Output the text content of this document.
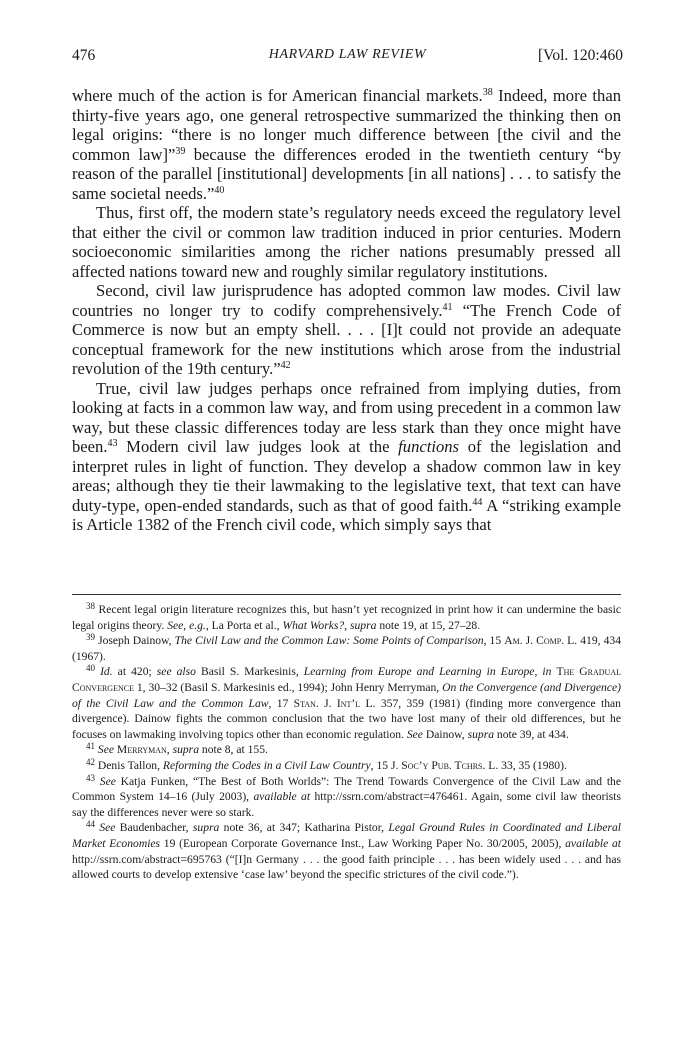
476	HARVARD LAW REVIEW	[Vol. 120:460

where much of the action is for American financial markets.$^{38}$ Indeed, more than thirty-five years ago, one general retrospective summarized the thinking then on legal origins: “there is no longer much difference between [the civil and the common law]”$^{39}$ because the differences eroded in the twentieth century “by reason of the parallel [institutional] developments [in all nations] . . . to satisfy the same societal needs.”$^{40}$

Thus, first off, the modern state’s regulatory needs exceed the regulatory level that either the civil or common law tradition induced in prior centuries. Modern socioeconomic similarities among the richer nations presumably pressed all affected nations toward new and roughly similar regulatory institutions.

Second, civil law jurisprudence has adopted common law modes. Civil law countries no longer try to codify comprehensively.$^{41}$ “The French Code of Commerce is now but an empty shell. . . . [I]t could not provide an adequate conceptual framework for the new institutions which arose from the industrial revolution of the 19th century.”$^{42}$

True, civil law judges perhaps once refrained from implying duties, from looking at facts in a common law way, and from using precedent in a common law way, but these classic differences today are less stark than they once might have been.$^{43}$ Modern civil law judges look at the functions of the legislation and interpret rules in light of function. They develop a shadow common law in key areas; although they tie their lawmaking to the legislative text, that text can have duty-type, open-ended standards, such as that of good faith.$^{44}$ A “striking example is Article 1382 of the French civil code, which simply says that

$^{38}$ Recent legal origin literature recognizes this, but hasn’t yet recognized in print how it can undermine the basic legal origins theory. See, e.g., La Porta et al., What Works?, supra note 19, at 15, 27–28.

$^{39}$ Joseph Dainow, The Civil Law and the Common Law: Some Points of Comparison, 15 Am. J. Comp. L. 419, 434 (1967).

$^{40}$ Id. at 420; see also Basil S. Markesinis, Learning from Europe and Learning in Europe, in The Gradual Convergence 1, 30–32 (Basil S. Markesinis ed., 1994); John Henry Merryman, On the Convergence (and Divergence) of the Civil Law and the Common Law, 17 Stan. J. Int’l L. 357, 359 (1981) (finding more convergence than divergence). Dainow fights the common conclusion that the two have lost many of their old differences, but he focuses on lawmaking involving topics other than economic regulation. See Dainow, supra note 39, at 434.

$^{41}$ See Merryman, supra note 8, at 155.

$^{42}$ Denis Tallon, Reforming the Codes in a Civil Law Country, 15 J. Soc’y Pub. Tchrs. L. 33, 35 (1980).

$^{43}$ See Katja Funken, “The Best of Both Worlds”: The Trend Towards Convergence of the Civil Law and the Common System 14–16 (July 2003), available at http://ssrn.com/abstract=476461. Again, some civil law theorists say the differences never were so stark.

$^{44}$ See Baudenbacher, supra note 36, at 347; Katharina Pistor, Legal Ground Rules in Coordinated and Liberal Market Economies 19 (European Corporate Governance Inst., Law Working Paper No. 30/2005, 2005), available at http://ssrn.com/abstract=695763 (“[I]n Germany . . . the good faith principle . . . has been widely used . . . and has allowed courts to develop extensive ‘case law’ beyond the specific strictures of the civil code.”).
